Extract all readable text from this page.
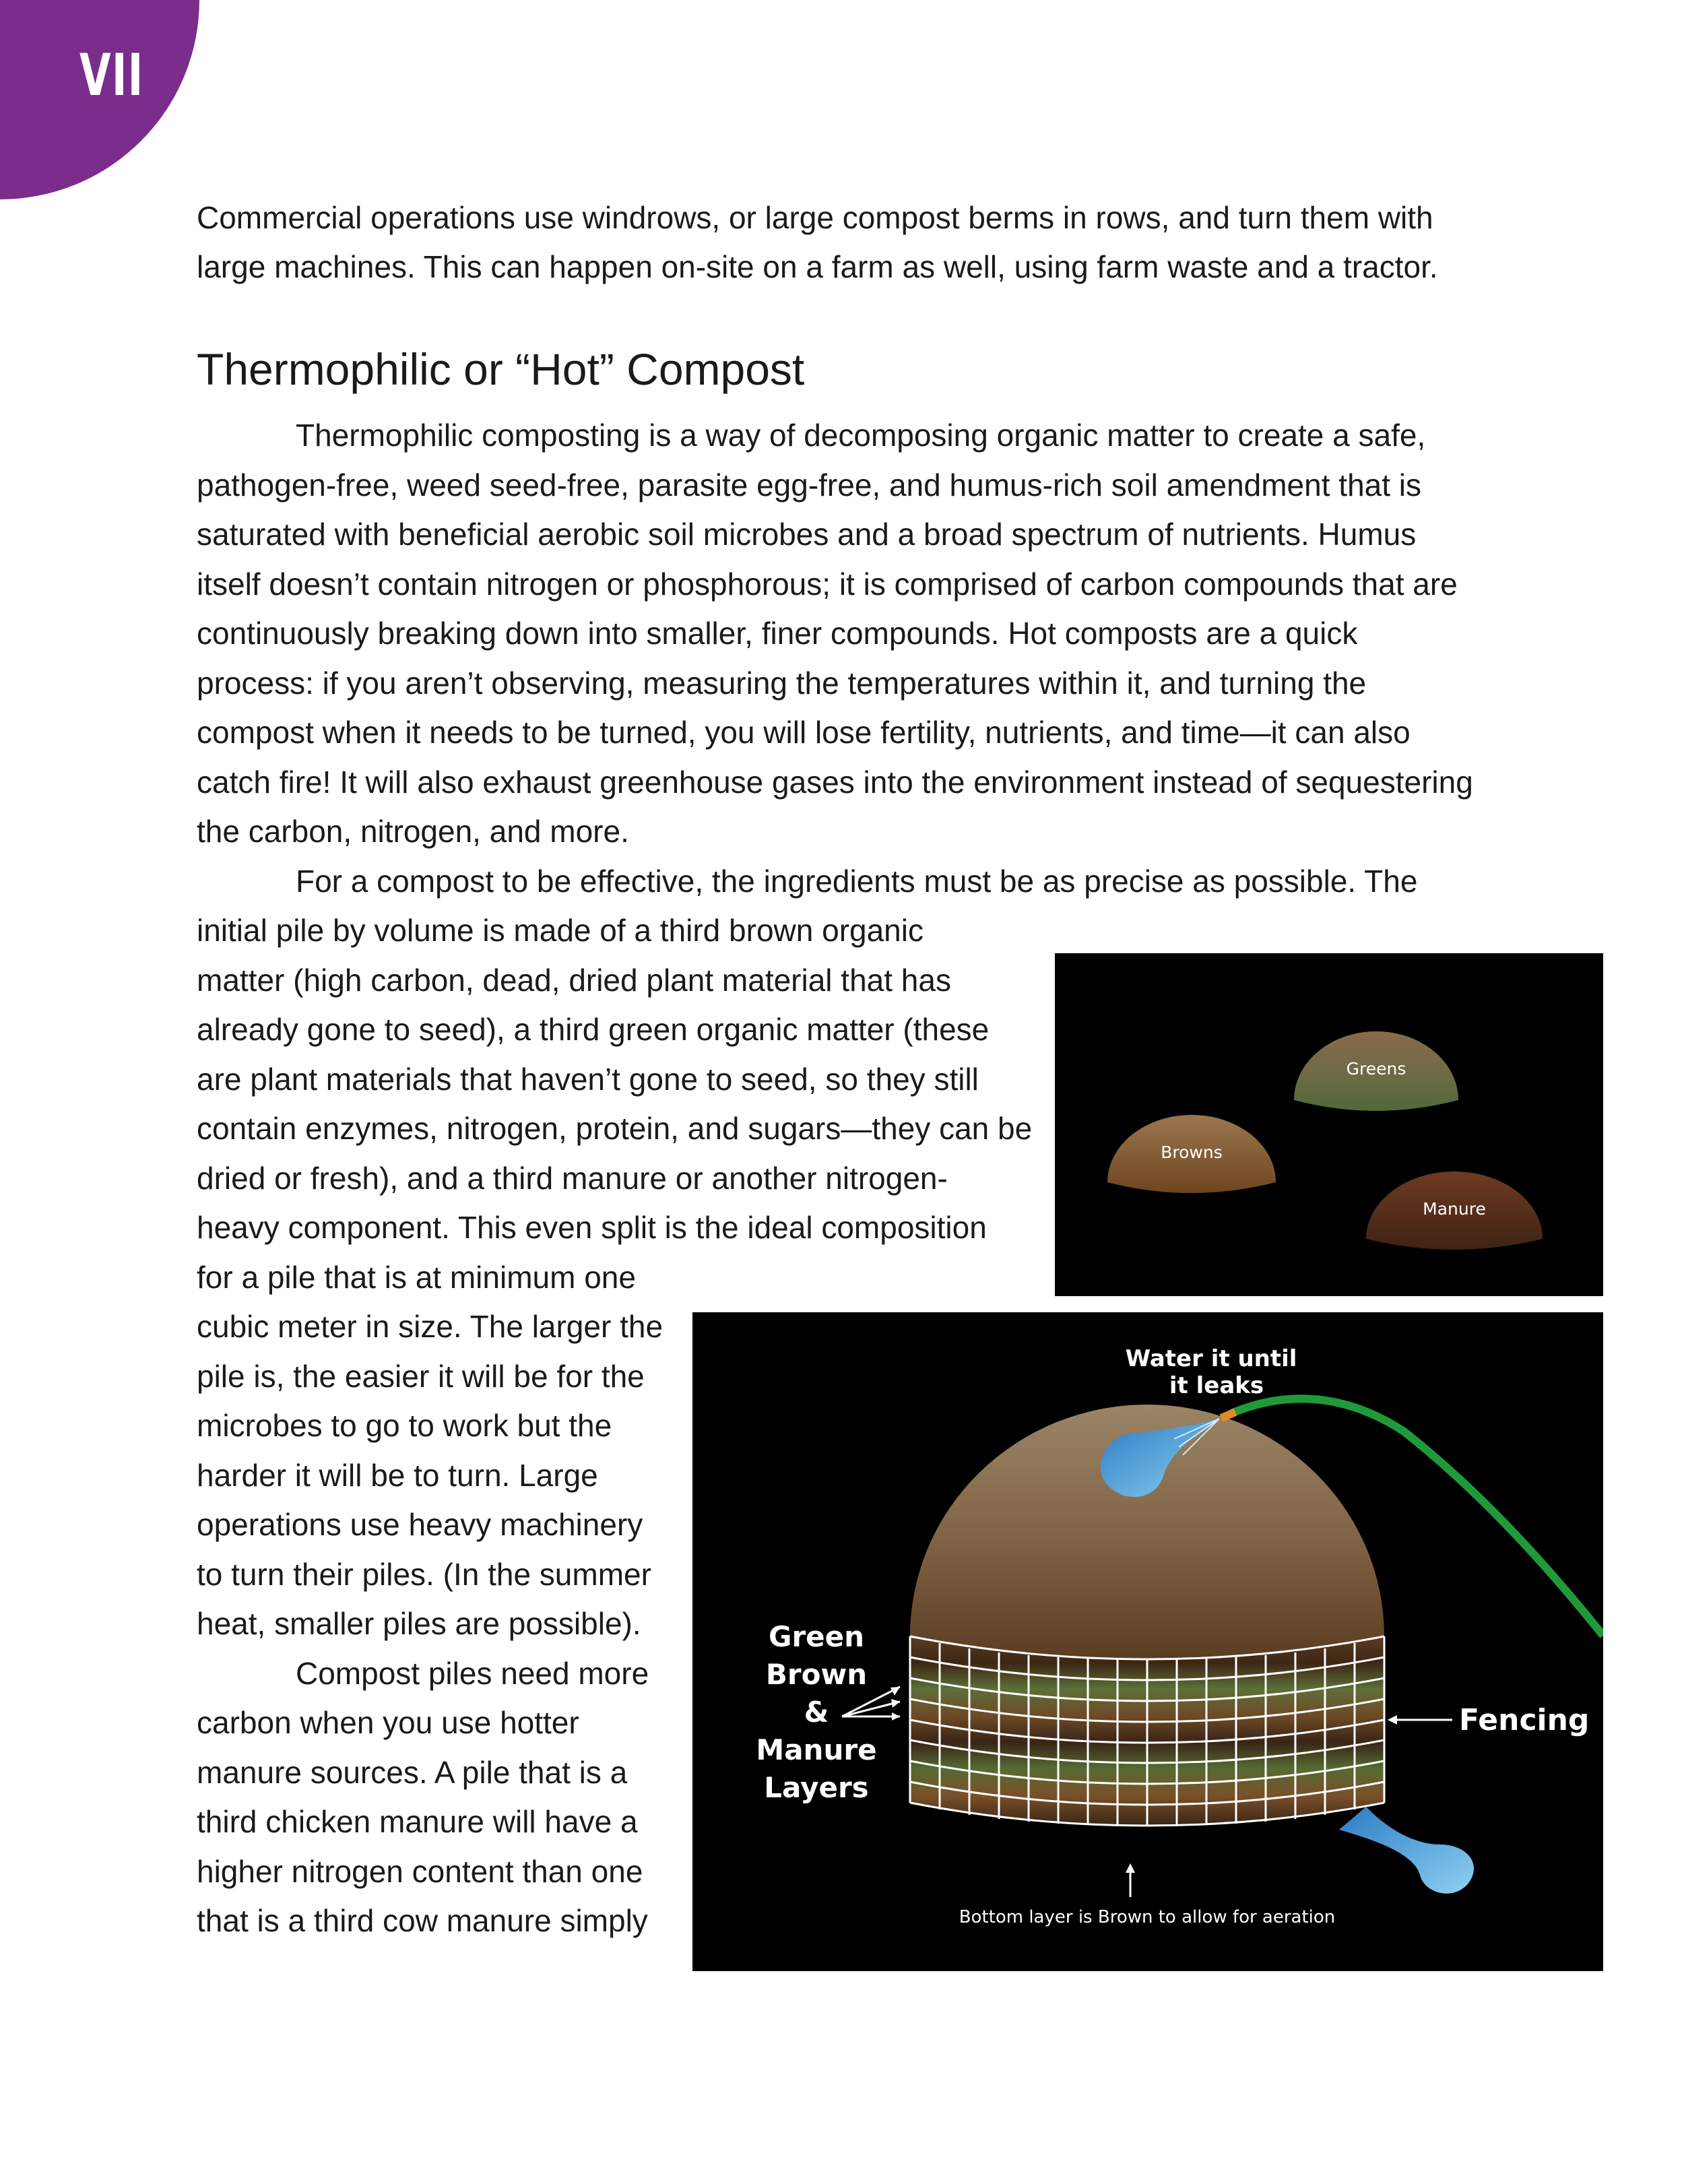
VII

Commercial operations use windrows, or large compost berms in rows, and turn them with

large machines. This can happen on-site on a farm as well, using farm waste and a tractor.

Thermophilic or “Hot” Compost

Thermophilic composting is a way of decomposing organic matter to create a safe,

pathogen-free, weed seed-free, parasite egg-free, and humus-rich soil amendment that is

saturated with beneficial aerobic soil microbes and a broad spectrum of nutrients. Humus

itself doesn’t contain nitrogen or phosphorous; it is comprised of carbon compounds that are

continuously breaking down into smaller, finer compounds. Hot composts are a quick

process: if you aren’t observing, measuring the temperatures within it, and turning the

compost when it needs to be turned, you will lose fertility, nutrients, and time—it can also

catch fire! It will also exhaust greenhouse gases into the environment instead of sequestering

the carbon, nitrogen, and more.

For a compost to be effective, the ingredients must be as precise as possible. The

initial pile by volume is made of a third brown organic

matter (high carbon, dead, dried plant material that has

already gone to seed), a third green organic matter (these

are plant materials that haven’t gone to seed, so they still

contain enzymes, nitrogen, protein, and sugars—they can be

dried or fresh), and a third manure or another nitrogen-

heavy component. This even split is the ideal composition

for a pile that is at minimum one

cubic meter in size. The larger the

pile is, the easier it will be for the

microbes to go to work but the

harder it will be to turn. Large

operations use heavy machinery

to turn their piles. (In the summer

heat, smaller piles are possible).

Compost piles need more

carbon when you use hotter

manure sources. A pile that is a

third chicken manure will have a

higher nitrogen content than one

that is a third cow manure simply

Greens
Browns
Manure
Water it until
it leaks
Green
Brown
&
Manure
Layers
Fencing
Bottom layer is Brown to allow for aeration
